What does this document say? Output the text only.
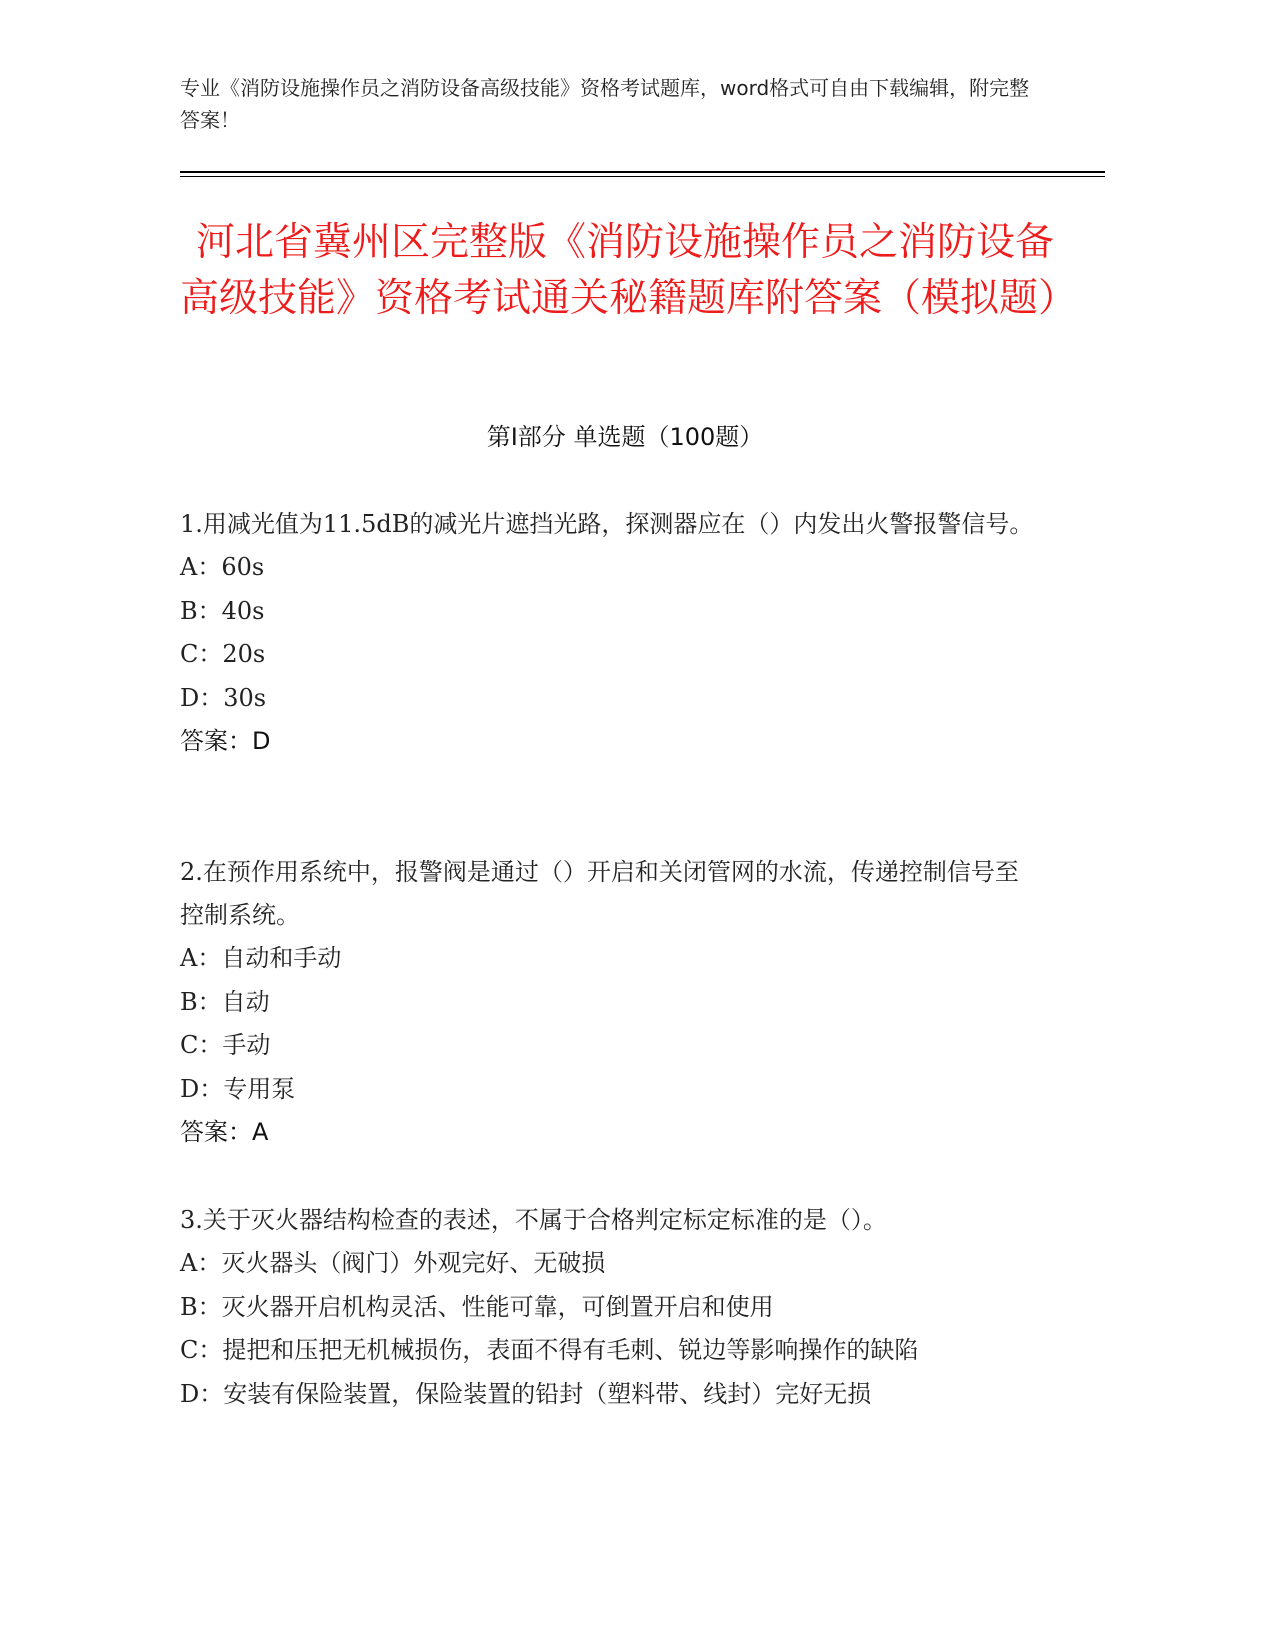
专业《消防设施操作员之消防设备高级技能》资格考试题库，word格式可自由下载编辑，附完整答案！
河北省冀州区完整版《消防设施操作员之消防设备高级技能》资格考试通关秘籍题库附答案（模拟题）
第I部分 单选题（100题）

1.用减光值为11.5dB的减光片遮挡光路，探测器应在（）内发出火警报警信号。

A：60s

B：40s

C：20s

D：30s

答案：D

2.在预作用系统中，报警阀是通过（）开启和关闭管网的水流，传递控制信号至控制系统。

A：自动和手动

B：自动

C：手动

D：专用泵

答案：A

3.关于灭火器结构检查的表述，不属于合格判定标定标准的是（）。

A：灭火器头（阀门）外观完好、无破损

B：灭火器开启机构灵活、性能可靠，可倒置开启和使用

C：提把和压把无机械损伤，表面不得有毛刺、锐边等影响操作的缺陷

D：安装有保险装置，保险装置的铅封（塑料带、线封）完好无损
